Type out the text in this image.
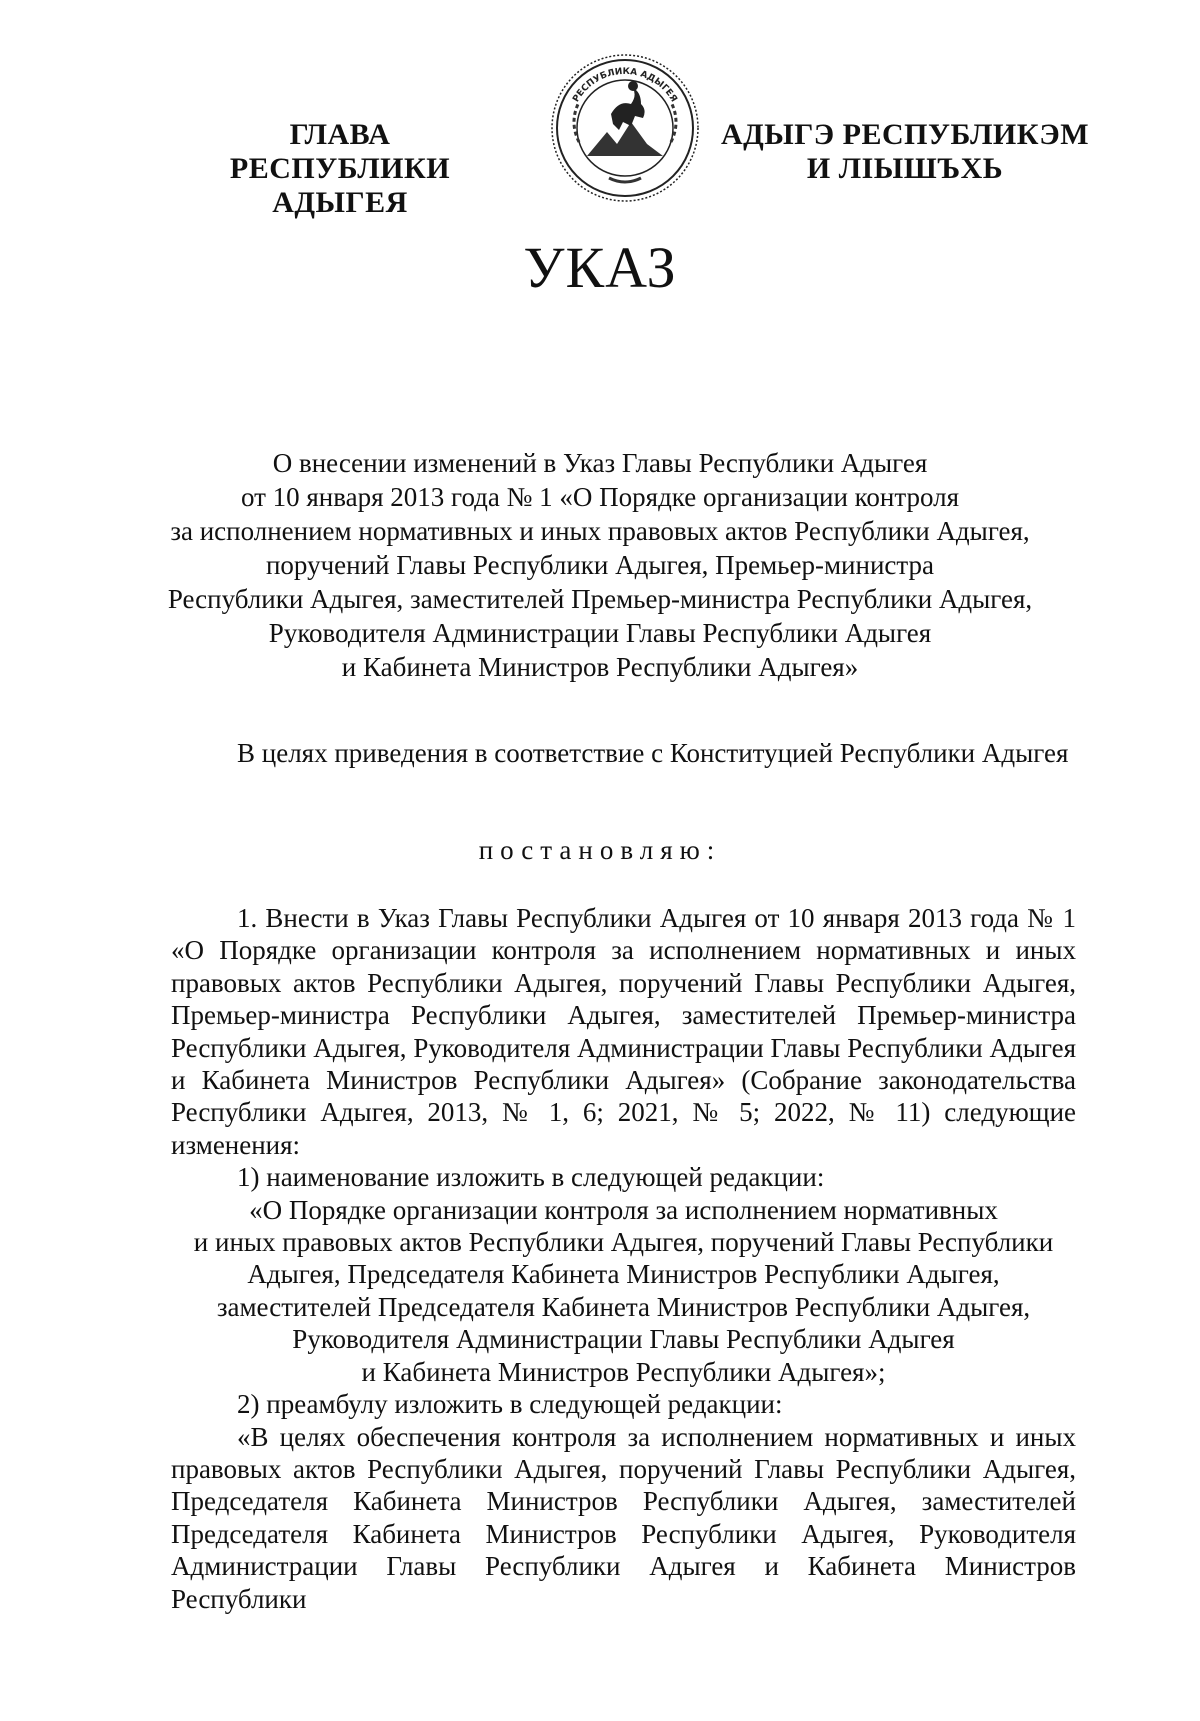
ГЛАВА
РЕСПУБЛИКИ АДЫГЕЯ
РЕСПУБЛИКА АДЫГЕЯ
АДЫГЭ РЕСПУБЛИКЭМ
И ЛІЫШЪХЬ
УКАЗ
О внесении изменений в Указ Главы Республики Адыгея
от 10 января 2013 года № 1 «О Порядке организации контроля
за исполнением нормативных и иных правовых актов Республики Адыгея,
поручений Главы Республики Адыгея, Премьер-министра
Республики Адыгея, заместителей Премьер-министра Республики Адыгея,
Руководителя Администрации Главы Республики Адыгея
и Кабинета Министров Республики Адыгея»

В целях приведения в соответствие с Конституцией Республики Адыгея

постановляю:

1. Внести в Указ Главы Республики Адыгея от 10 января 2013 года № 1 «О Порядке организации контроля за исполнением нормативных и иных правовых актов Республики Адыгея, поручений Главы Республики Адыгея, Премьер-министра Республики Адыгея, заместителей Премьер-министра Республики Адыгея, Руководителя Администрации Главы Республики Адыгея и Кабинета Министров Республики Адыгея» (Собрание законодательства Республики Адыгея, 2013, № 1, 6; 2021, № 5; 2022, № 11) следующие изменения:

1) наименование изложить в следующей редакции:

«О Порядке организации контроля за исполнением нормативных
и иных правовых актов Республики Адыгея, поручений Главы Республики
Адыгея, Председателя Кабинета Министров Республики Адыгея,
заместителей Председателя Кабинета Министров Республики Адыгея,
Руководителя Администрации Главы Республики Адыгея
и Кабинета Министров Республики Адыгея»;

2) преамбулу изложить в следующей редакции:

«В целях обеспечения контроля за исполнением нормативных и иных правовых актов Республики Адыгея, поручений Главы Республики Адыгея, Председателя Кабинета Министров Республики Адыгея, заместителей Председателя Кабинета Министров Республики Адыгея, Руководителя Администрации Главы Республики Адыгея и Кабинета Министров Республики
